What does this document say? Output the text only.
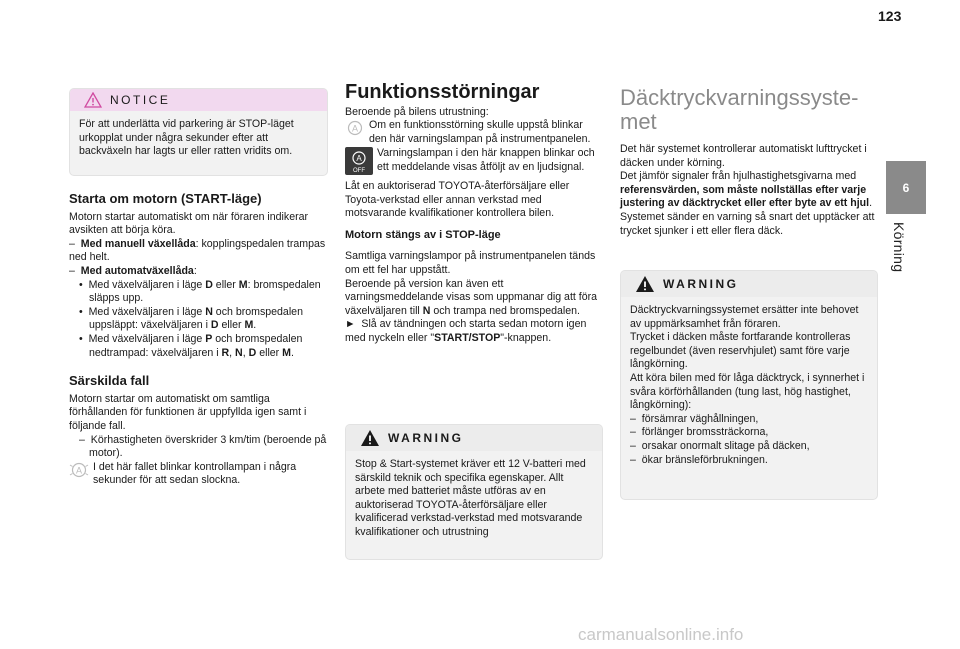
123
6
Körning
NOTICE
För att underlätta vid parkering är STOP-läget urkopplat under några sekunder efter att backväxeln har lagts ur eller ratten vridits om.
Starta om motorn (START-läge)

Motorn startar automatiskt om när föraren indikerar avsikten att börja köra.

–  Med manuell växellåda: kopplingspedalen trampas ned helt.

–  Med automatväxellåda:

•  Med växelväljaren i läge D eller M: bromspedalen släpps upp.

•  Med växelväljaren i läge N och bromspedalen uppsläppt: växelväljaren i D eller M.

•  Med växelväljaren i läge P och bromspedalen nedtrampad: växelväljaren i R, N, D eller M.

Särskilda fall

Motorn startar om automatiskt om samtliga förhållanden för funktionen är uppfyllda igen samt i följande fall.

–  Körhastigheten överskrider 3 km/tim (beroende på motor).

A I det här fallet blinkar kontrollampan i några sekunder för att sedan slockna.
Funktionsstörningar

Beroende på bilens utrustning:

A Om en funktionsstörning skulle uppstå blinkar den här varningslampan på instrumentpanelen.
A
OFF
Varningslampan i den här knappen blinkar och ett meddelande visas åtföljt av en ljudsignal.

Låt en auktoriserad TOYOTA-återförsäljare eller Toyota-verkstad eller annan verkstad med motsvarande kvalifikationer kontrollera bilen.

Motorn stängs av i STOP-läge

Samtliga varningslampor på instrumentpanelen tänds om ett fel har uppstått.

Beroende på version kan även ett varningsmeddelande visas som uppmanar dig att föra växelväljaren till N och trampa ned bromspedalen.

►  Slå av tändningen och starta sedan motorn igen med nyckeln eller "START/STOP"-knappen.

WARNING
Stop & Start-systemet kräver ett 12 V-batteri med särskild teknik och specifika egenskaper. Allt arbete med batteriet måste utföras av en auktoriserad TOYOTA-återförsäljare eller kvalificerad verkstad-verkstad med motsvarande kvalifikationer och utrustning
Däcktryckvarningssyste-
met

Det här systemet kontrollerar automatiskt lufttrycket i däcken under körning.

Det jämför signaler från hjulhastighetsgivarna med referensvärden, som måste nollställas efter varje justering av däcktrycket eller efter byte av ett hjul.

Systemet sänder en varning så snart det upptäcker att trycket sjunker i ett eller flera däck.

WARNING

Däcktryckvarningssystemet ersätter inte behovet av uppmärksamhet från föraren.

Trycket i däcken måste fortfarande kontrolleras regelbundet (även reservhjulet) samt före varje långkörning.

Att köra bilen med för låga däcktryck, i synnerhet i svåra körförhållanden (tung last, hög hastighet, långkörning):

–  försämrar väghållningen,

–  förlänger bromssträckorna,

–  orsakar onormalt slitage på däcken,

–  ökar bränsleförbrukningen.

carmanualsonline.info
